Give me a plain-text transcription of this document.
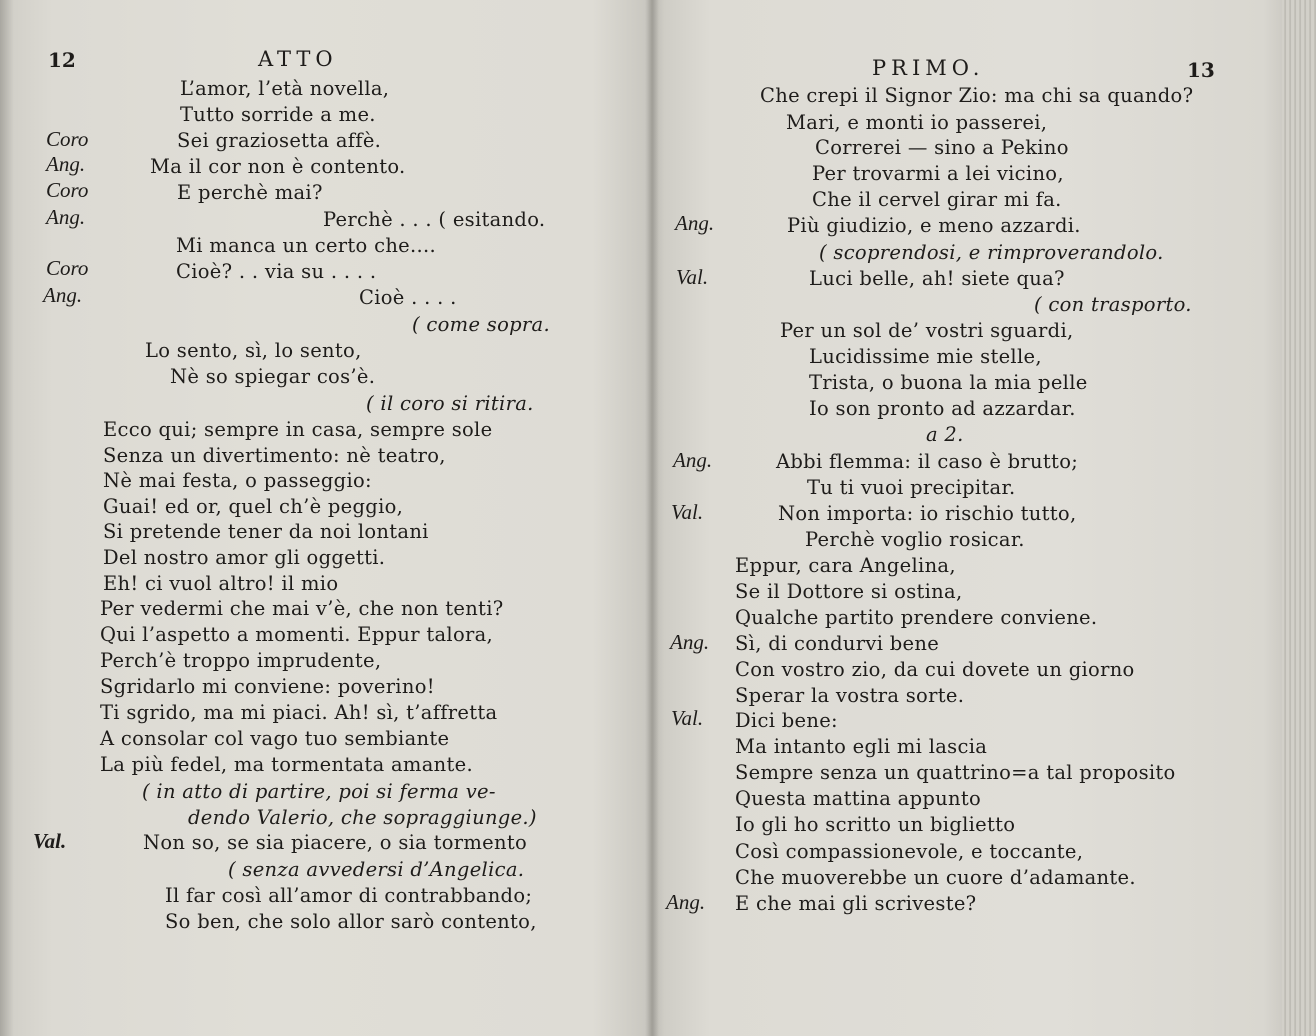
12	ATTO
L’amor, l’età novella,
Tutto sorride a me.
Coro	Sei graziosetta affè.
Ang.	Ma il cor non è contento.
Coro	E perchè mai?
Ang.	Perchè . . . ( esitando.
Mi manca un certo che....
Coro	Cioè? . . via su . . . .
Ang.	Cioè . . . .
( come sopra.
Lo sento, sì, lo sento,
Nè so spiegar cos’è.
( il coro si ritira.
Ecco qui; sempre in casa, sempre sole
Senza un divertimento: nè teatro,
Nè mai festa, o passeggio:
Guai! ed or, quel ch’è peggio,
Si pretende tener da noi lontani
Del nostro amor gli oggetti.
Eh! ci vuol altro! il mio
Per vedermi che mai v’è, che non tenti?
Qui l’aspetto a momenti. Eppur talora,
Perch’è troppo imprudente,
Sgridarlo mi conviene: poverino!
Ti sgrido, ma mi piaci. Ah! sì, t’affretta
A consolar col vago tuo sembiante
La più fedel, ma tormentata amante.
( in atto di partire, poi si ferma ve-
dendo Valerio, che sopraggiunge.)
Val.	Non so, se sia piacere, o sia tormento
( senza avvedersi d’Angelica.
Il far così all’amor di contrabbando;
So ben, che solo allor sarò contento,
PRIMO.	13
Che crepi il Signor Zio: ma chi sa quando?
Mari, e monti io passerei,
Correrei — sino a Pekino
Per trovarmi a lei vicino,
Che il cervel girar mi fa.
Ang.	Più giudizio, e meno azzardi.
( scoprendosi, e rimproverandolo.
Val.	Luci belle, ah! siete qua?
( con trasporto.
Per un sol de’ vostri sguardi,
Lucidissime mie stelle,
Trista, o buona la mia pelle
Io son pronto ad azzardar.
a 2.
Ang.	Abbi flemma: il caso è brutto;
Tu ti vuoi precipitar.
Val.	Non importa: io rischio tutto,
Perchè voglio rosicar.
Eppur, cara Angelina,
Se il Dottore si ostina,
Qualche partito prendere conviene.
Ang. Sì, di condurvi bene
Con vostro zio, da cui dovete un giorno
Sperar la vostra sorte.
Val. Dici bene:
Ma intanto egli mi lascia
Sempre senza un quattrino=a tal proposito
Questa mattina appunto
Io gli ho scritto un biglietto
Così compassionevole, e toccante,
Che muoverebbe un cuore d’adamante.
Ang. E che mai gli scriveste?
